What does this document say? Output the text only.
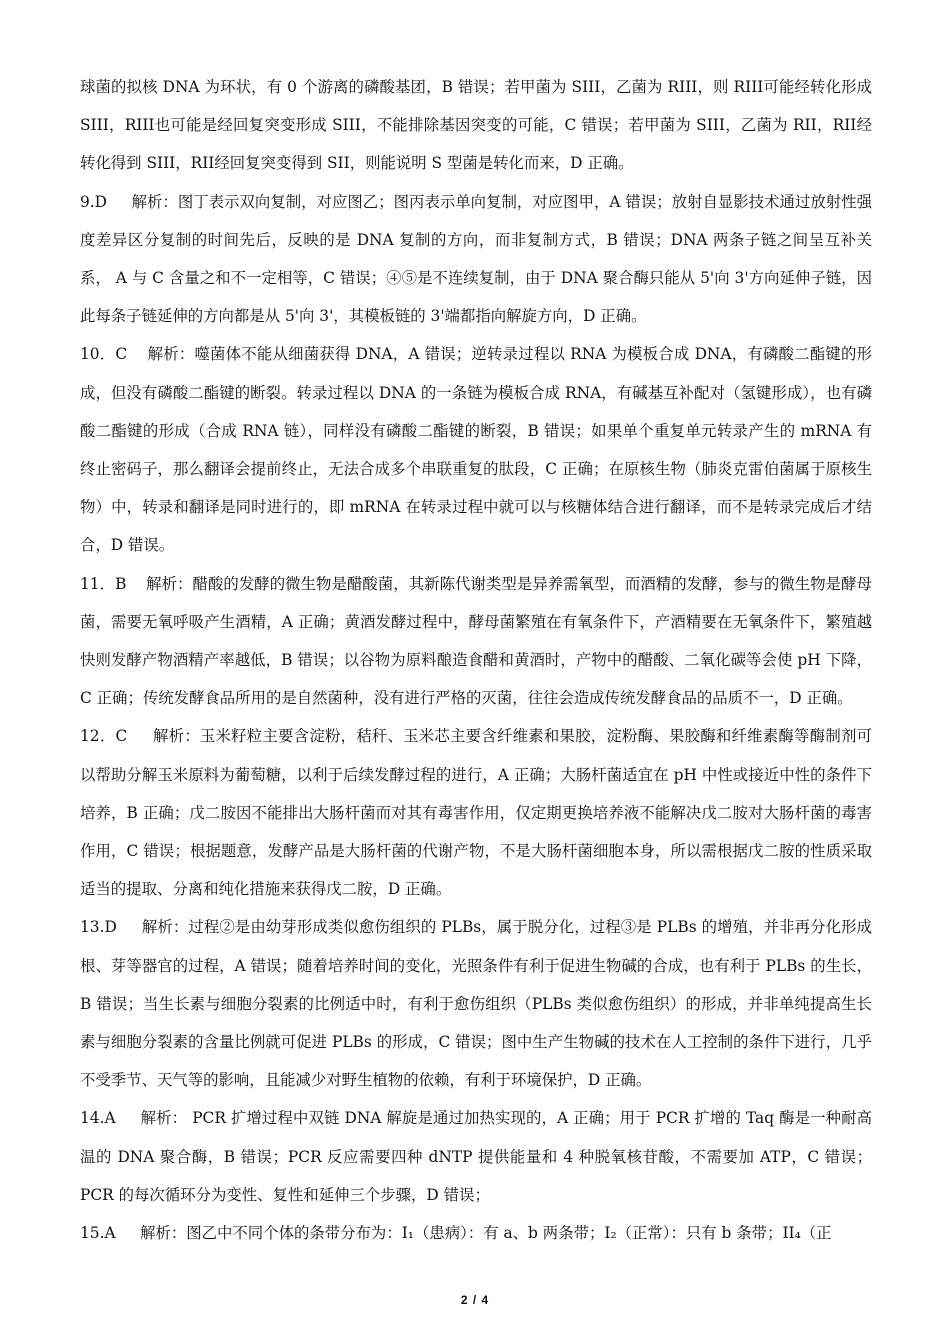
球菌的拟核 DNA 为环状，有 0 个游离的磷酸基团，B 错误；若甲菌为 SIII，乙菌为 RIII，则 RIII可能经转化形成 SIII，RIII也可能是经回复突变形成 SIII，不能排除基因突变的可能，C 错误；若甲菌为 SIII，乙菌为 RII，RII经转化得到 SIII，RII经回复突变得到 SII，则能说明 S 型菌是转化而来，D 正确。

9.D 解析：图丁表示双向复制，对应图乙；图丙表示单向复制，对应图甲，A 错误；放射自显影技术通过放射性强度差异区分复制的时间先后，反映的是 DNA 复制的方向，而非复制方式，B 错误；DNA 两条子链之间呈互补关系， A 与 C 含量之和不一定相等，C 错误；④⑤是不连续复制，由于 DNA 聚合酶只能从 5'向 3'方向延伸子链，因此每条子链延伸的方向都是从 5'向 3'，其模板链的 3'端都指向解旋方向，D 正确。

10．C 解析：噬菌体不能从细菌获得 DNA，A 错误；逆转录过程以 RNA 为模板合成 DNA，有磷酸二酯键的形成，但没有磷酸二酯键的断裂。转录过程以 DNA 的一条链为模板合成 RNA，有碱基互补配对（氢键形成），也有磷酸二酯键的形成（合成 RNA 链），同样没有磷酸二酯键的断裂，B 错误；如果单个重复单元转录产生的 mRNA 有终止密码子，那么翻译会提前终止，无法合成多个串联重复的肽段，C 正确；在原核生物（肺炎克雷伯菌属于原核生物）中，转录和翻译是同时进行的，即 mRNA 在转录过程中就可以与核糖体结合进行翻译，而不是转录完成后才结合，D 错误。

11．B 解析：醋酸的发酵的微生物是醋酸菌，其新陈代谢类型是异养需氧型，而酒精的发酵，参与的微生物是酵母菌，需要无氧呼吸产生酒精，A 正确；黄酒发酵过程中，酵母菌繁殖在有氧条件下，产酒精要在无氧条件下，繁殖越快则发酵产物酒精产率越低，B 错误；以谷物为原料酿造食醋和黄酒时，产物中的醋酸、二氧化碳等会使 pH 下降，C 正确；传统发酵食品所用的是自然菌种，没有进行严格的灭菌，往往会造成传统发酵食品的品质不一，D 正确。

12．C 解析：玉米籽粒主要含淀粉，秸秆、玉米芯主要含纤维素和果胶，淀粉酶、果胶酶和纤维素酶等酶制剂可以帮助分解玉米原料为葡萄糖，以利于后续发酵过程的进行，A 正确；大肠杆菌适宜在 pH 中性或接近中性的条件下培养，B 正确；戊二胺因不能排出大肠杆菌而对其有毒害作用，仅定期更换培养液不能解决戊二胺对大肠杆菌的毒害作用，C 错误；根据题意，发酵产品是大肠杆菌的代谢产物，不是大肠杆菌细胞本身，所以需根据戊二胺的性质采取适当的提取、分离和纯化措施来获得戊二胺，D 正确。

13.D 解析：过程②是由幼芽形成类似愈伤组织的 PLBs，属于脱分化，过程③是 PLBs 的增殖，并非再分化形成根、芽等器官的过程，A 错误；随着培养时间的变化，光照条件有利于促进生物碱的合成，也有利于 PLBs 的生长，B 错误；当生长素与细胞分裂素的比例适中时，有利于愈伤组织（PLBs 类似愈伤组织）的形成，并非单纯提高生长素与细胞分裂素的含量比例就可促进 PLBs 的形成，C 错误；图中生产生物碱的技术在人工控制的条件下进行，几乎不受季节、天气等的影响，且能减少对野生植物的依赖，有利于环境保护，D 正确。

14.A 解析： PCR 扩增过程中双链 DNA 解旋是通过加热实现的，A 正确；用于 PCR 扩增的 Taq 酶是一种耐高温的 DNA 聚合酶，B 错误；PCR 反应需要四种 dNTP 提供能量和 4 种脱氧核苷酸，不需要加 ATP，C 错误；PCR 的每次循环分为变性、复性和延伸三个步骤，D 错误；

15.A 解析：图乙中不同个体的条带分布为：I₁（患病）：有 a、b 两条带；I₂（正常）：只有 b 条带；II₄（正

2 / 4
